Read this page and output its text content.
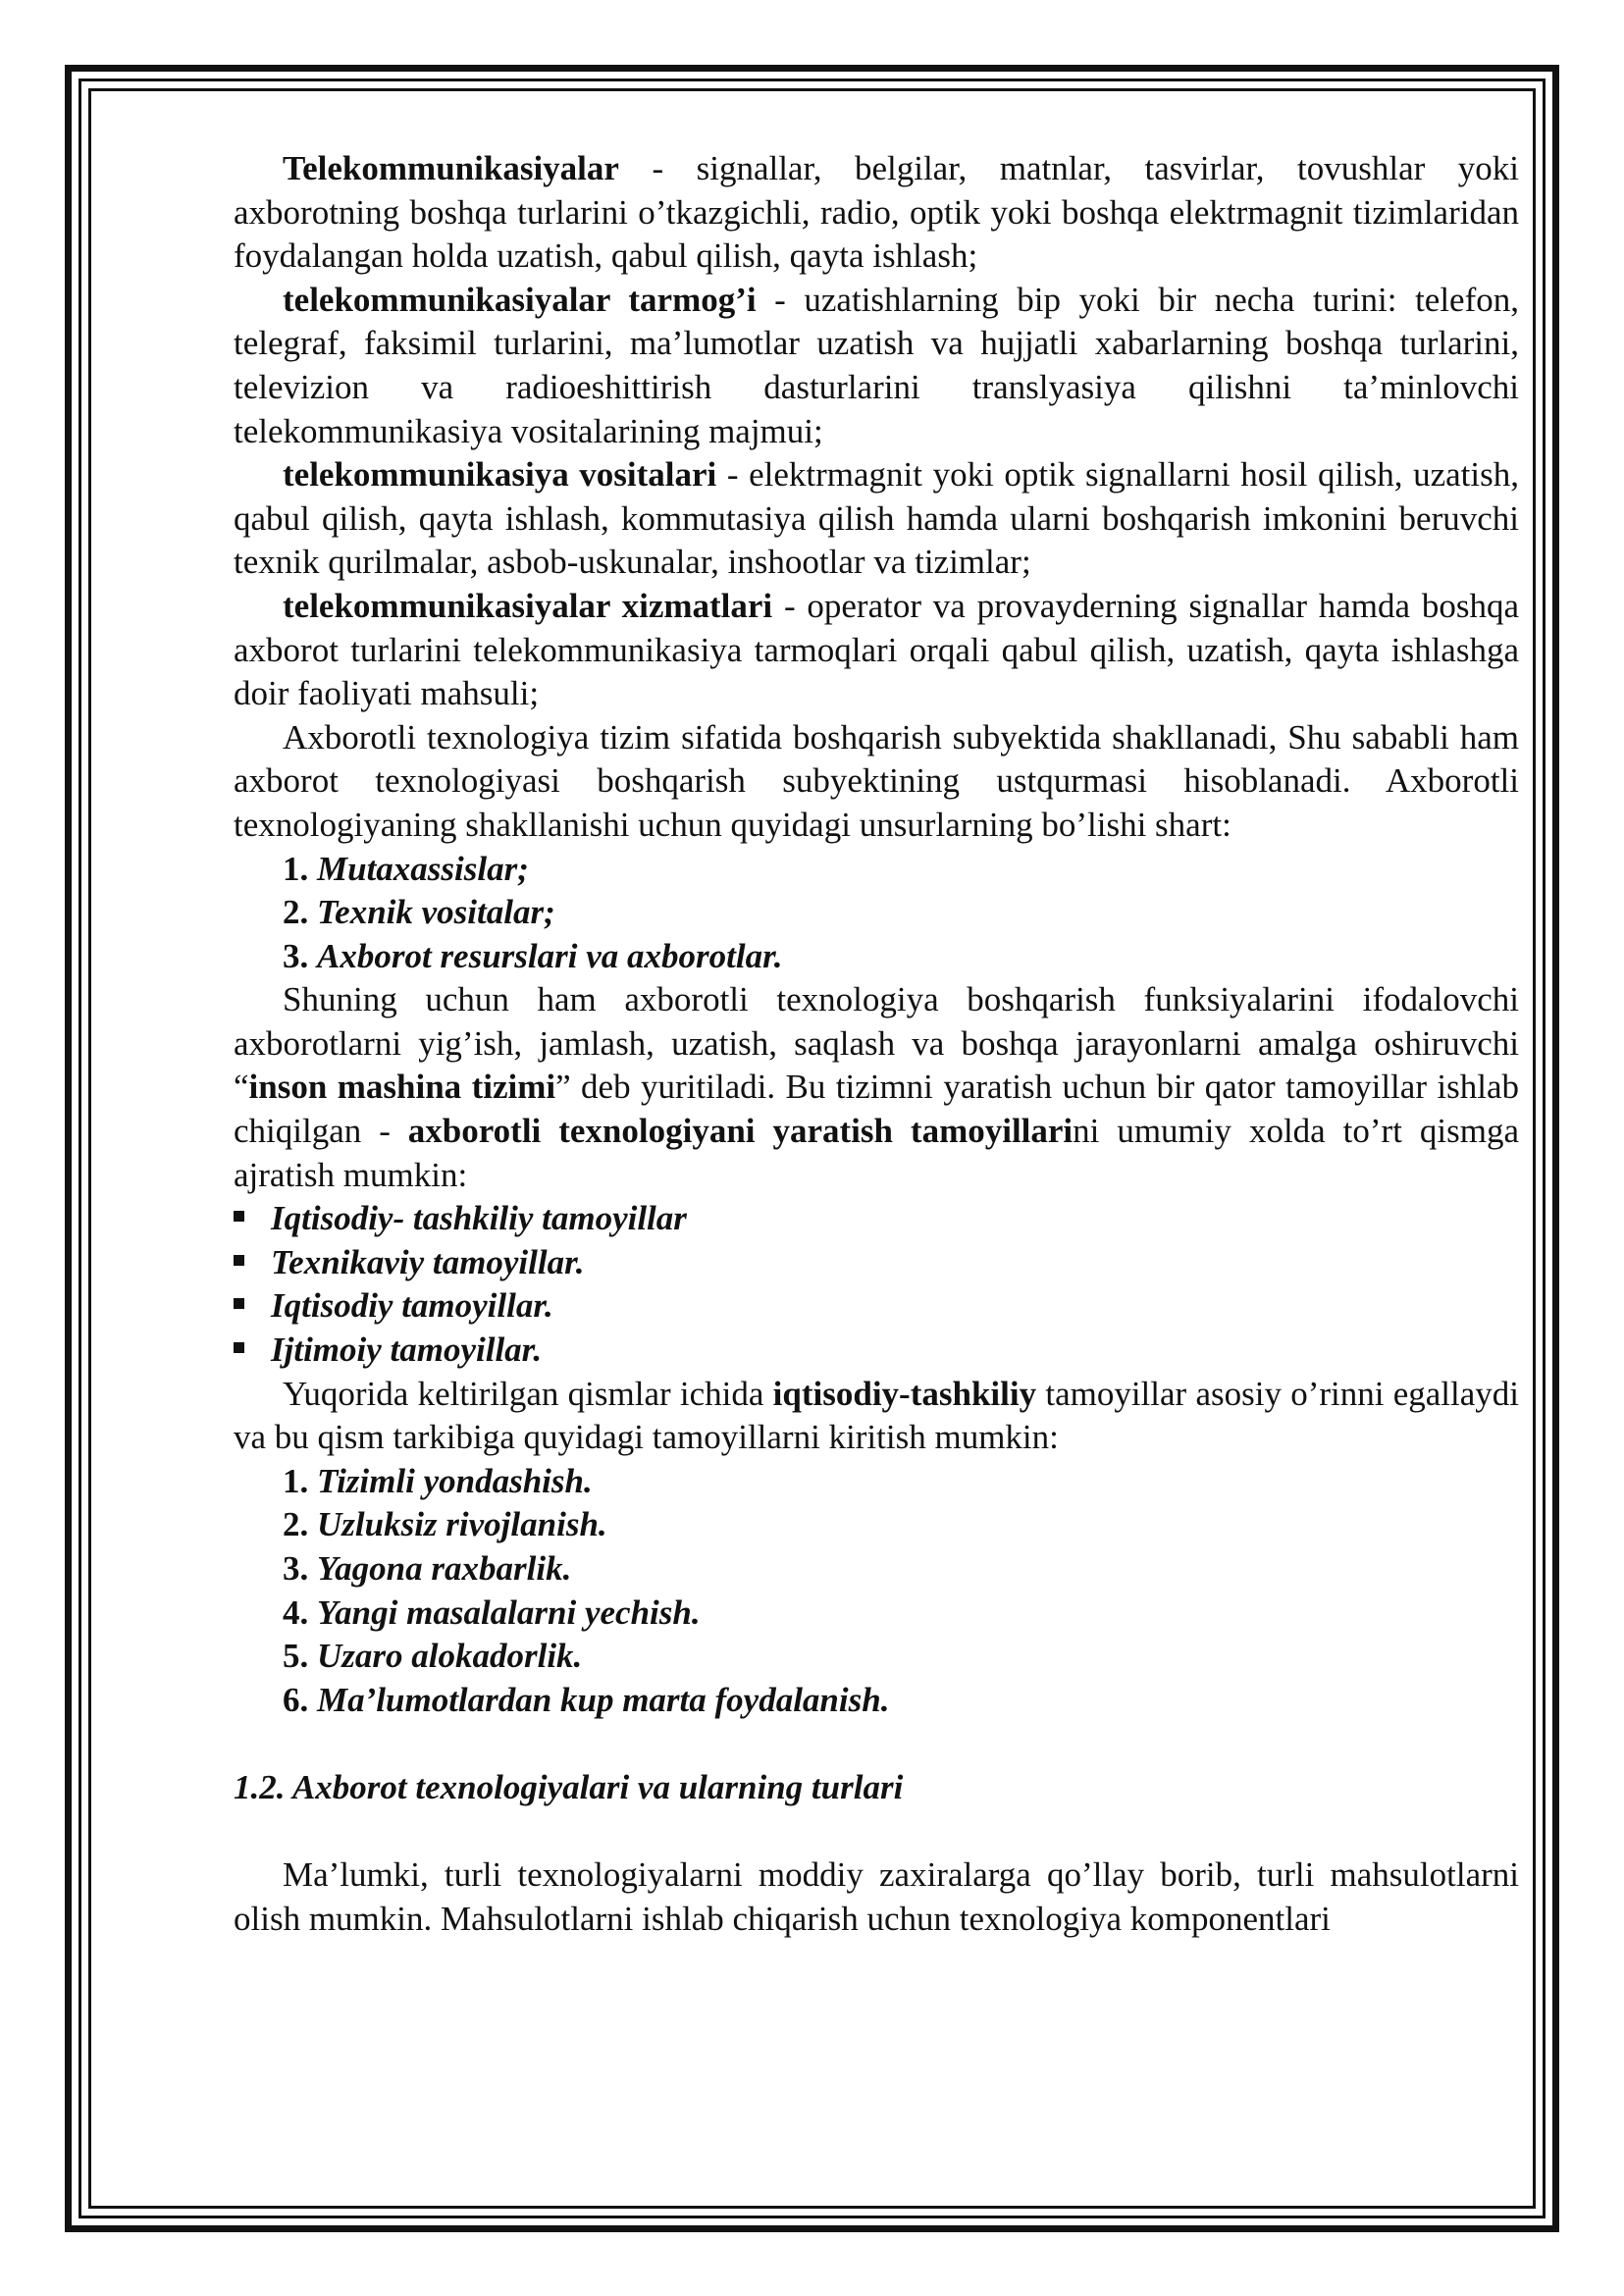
Telekommunikasiyalar - signallar, belgilar, matnlar, tasvirlar, tovushlar yoki axborotning boshqa turlarini o’tkazgichli, radio, optik yoki boshqa elektrmagnit tizimlaridan foydalangan holda uzatish, qabul qilish, qayta ishlash;

telekommunikasiyalar tarmog’i - uzatishlarning bip yoki bir necha turini: telefon, telegraf, faksimil turlarini, ma’lumotlar uzatish va hujjatli xabarlarning boshqa turlarini, televizion va radioeshittirish dasturlarini translyasiya qilishni ta’minlovchi telekommunikasiya vositalarining majmui;

telekommunikasiya vositalari - elektrmagnit yoki optik signallarni hosil qilish, uzatish, qabul qilish, qayta ishlash, kommutasiya qilish hamda ularni boshqarish imkonini beruvchi texnik qurilmalar, asbob-uskunalar, inshootlar va tizimlar;

telekommunikasiyalar xizmatlari - operator va provayderning signallar hamda boshqa axborot turlarini telekommunikasiya tarmoqlari orqali qabul qilish, uzatish, qayta ishlashga doir faoliyati mahsuli;

Axborotli texnologiya tizim sifatida boshqarish subyektida shakllanadi, Shu sababli ham axborot texnologiyasi boshqarish subyektining ustqurmasi hisoblanadi. Axborotli texnologiyaning shakllanishi uchun quyidagi unsurlarning bo’lishi shart:

1. Mutaxassislar;

2. Texnik vositalar;

3. Axborot resurslari va axborotlar.

Shuning uchun ham axborotli texnologiya boshqarish funksiyalarini ifodalovchi axborotlarni yig’ish, jamlash, uzatish, saqlash va boshqa jarayonlarni amalga oshiruvchi “inson mashina tizimi” deb yuritiladi. Bu tizimni yaratish uchun bir qator tamoyillar ishlab chiqilgan - axborotli texnologiyani yaratish tamoyillarini umumiy xolda to’rt qismga ajratish mumkin:

Iqtisodiy- tashkiliy tamoyillar
Texnikaviy tamoyillar.
Iqtisodiy tamoyillar.
Ijtimoiy tamoyillar.

Yuqorida keltirilgan qismlar ichida iqtisodiy-tashkiliy tamoyillar asosiy o’rinni egallaydi va bu qism tarkibiga quyidagi tamoyillarni kiritish mumkin:

1. Tizimli yondashish.

2. Uzluksiz rivojlanish.

3. Yagona raxbarlik.

4. Yangi masalalarni yechish.

5. Uzaro alokadorlik.

6. Ma’lumotlardan kup marta foydalanish.

1.2. Axborot texnologiyalari va ularning turlari

Ma’lumki, turli texnologiyalarni moddiy zaxiralarga qo’llay borib, turli mahsulotlarni olish mumkin. Mahsulotlarni ishlab chiqarish uchun texnologiya komponentlari
